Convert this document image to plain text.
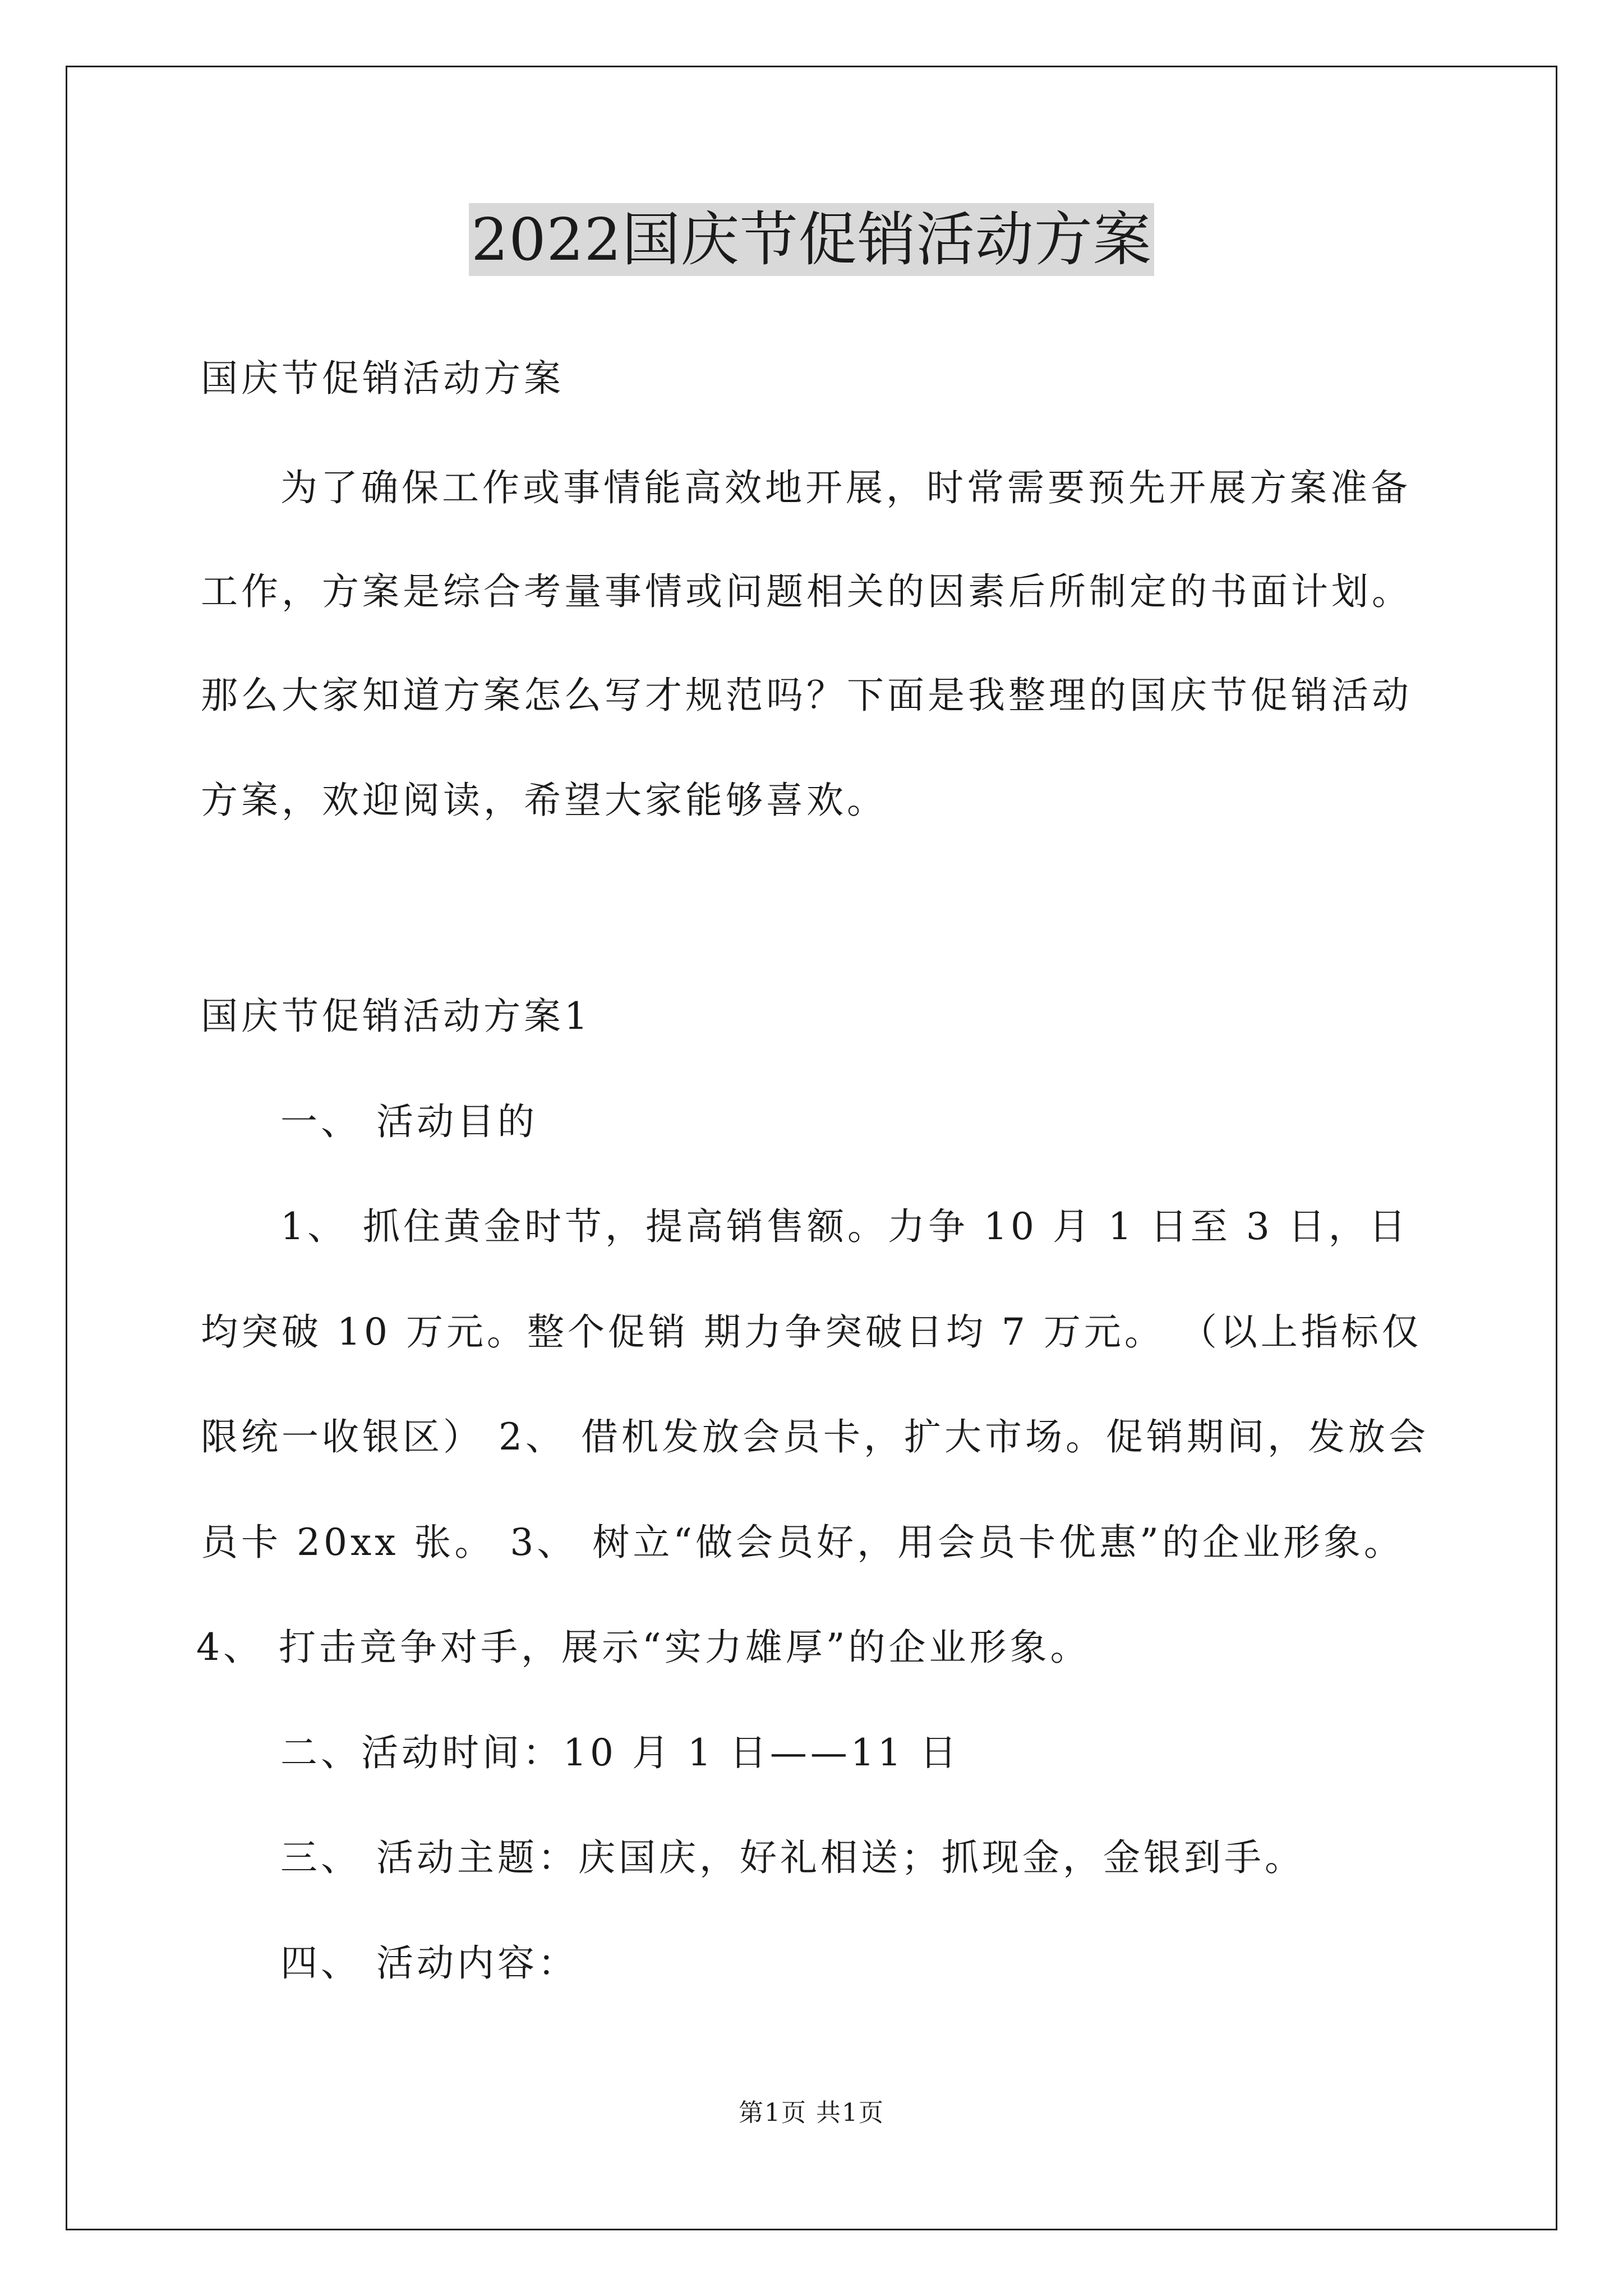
2022国庆节促销活动方案
国庆节促销活动方案
为了确保工作或事情能高效地开展，时常需要预先开展方案准备
工作，方案是综合考量事情或问题相关的因素后所制定的书面计划。
那么大家知道方案怎么写才规范吗？下面是我整理的国庆节促销活动
方案，欢迎阅读，希望大家能够喜欢。
国庆节促销活动方案1
一、 活动目的
1、 抓住黄金时节，提高销售额。力争 10 月 1 日至 3 日，日
均突破 10 万元。整个促销 期力争突破日均 7 万元。 （以上指标仅
限统一收银区） 2、 借机发放会员卡，扩大市场。促销期间，发放会
员卡 20xx 张。 3、 树立“做会员好，用会员卡优惠”的企业形象。
4、 打击竞争对手，展示“实力雄厚”的企业形象。
二、活动时间：10 月 1 日——11 日
三、 活动主题：庆国庆，好礼相送；抓现金，金银到手。
四、 活动内容：
第1页 共1页
